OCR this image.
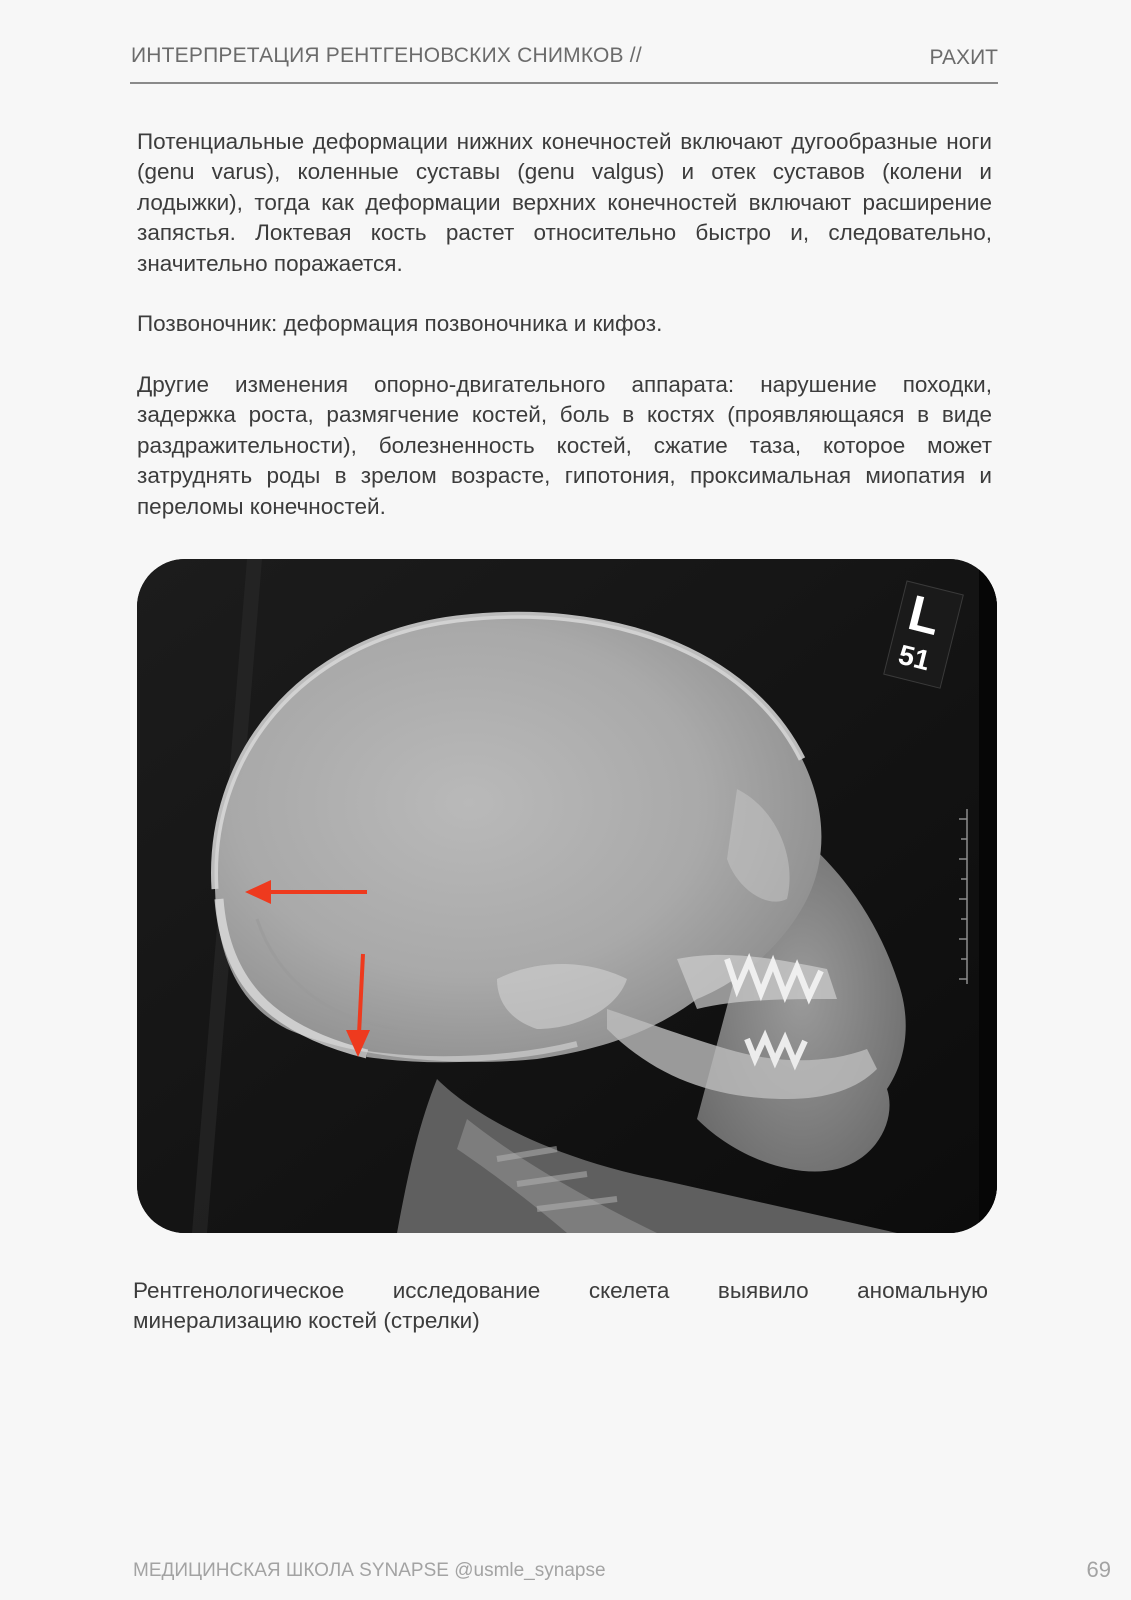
ИНТЕРПРЕТАЦИЯ РЕНТГЕНОВСКИХ СНИМКОВ //	РАХИТ

Потенциальные деформации нижних конечностей включают дугообразные ноги (genu varus), коленные суставы (genu valgus) и отек суставов (колени и лодыжки), тогда как деформации верхних конечностей включают расширение запястья. Локтевая кость растет относительно быстро и, следовательно, значительно поражается.

Позвоночник: деформация позвоночника и кифоз.

Другие изменения опорно-двигательного аппарата: нарушение походки, задержка роста, размягчение костей, боль в костях (проявляющаяся в виде раздражительности), болезненность костей, сжатие таза, которое может затруднять роды в зрелом возрасте, гипотония, проксимальная миопатия и переломы конечностей.

L
51

Рентгенологическое исследование скелета выявило аномальную минерализацию костей (стрелки)

МЕДИЦИНСКАЯ ШКОЛА SYNAPSE @usmle_synapse	69
